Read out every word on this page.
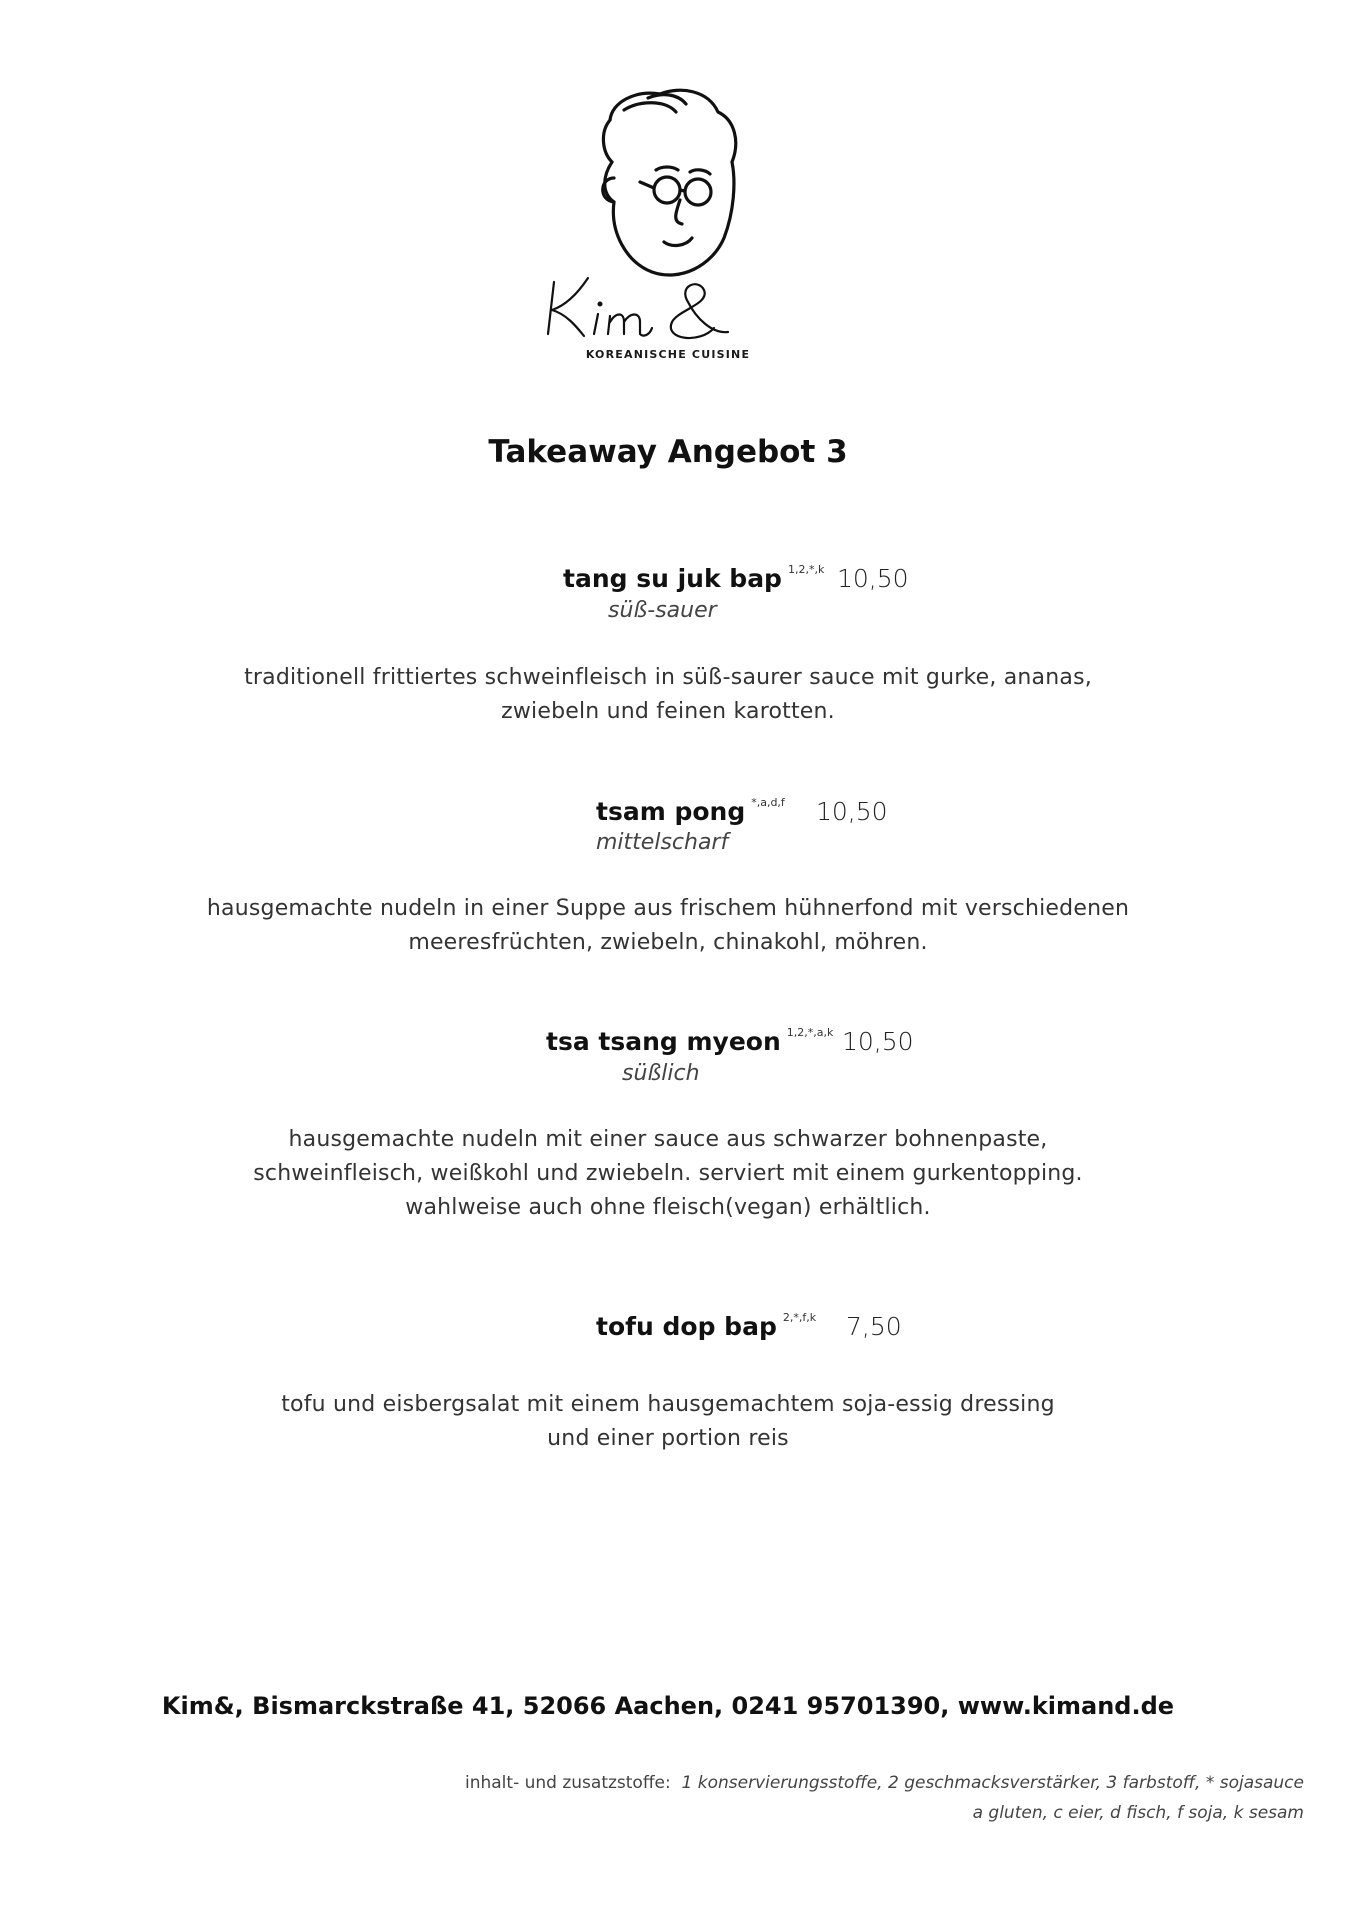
KOREANISCHE CUISINE
Takeaway Angebot 3
tang su juk bap $^{1,2,*,k}$ 10,50
süß-sauer
traditionell frittiertes schweinfleisch in süß-saurer sauce mit gurke, ananas,
zwiebeln und feinen karotten.
tsam pong $^{*,a,d,f}$ 10,50
mittelscharf
hausgemachte nudeln in einer Suppe aus frischem hühnerfond mit verschiedenen
meeresfrüchten, zwiebeln, chinakohl, möhren.
tsa tsang myeon $^{1,2,*,a,k}$ 10,50
süßlich
hausgemachte nudeln mit einer sauce aus schwarzer bohnenpaste,
schweinfleisch, weißkohl und zwiebeln. serviert mit einem gurkentopping.
wahlweise auch ohne fleisch(vegan) erhältlich.
tofu dop bap $^{2,*,f,k}$ 7,50
tofu und eisbergsalat mit einem hausgemachtem soja-essig dressing
und einer portion reis
Kim&, Bismarckstraße 41, 52066 Aachen, 0241 95701390, www.kimand.de
inhalt- und zusatzstoffe: 1 konservierungsstoffe, 2 geschmacksverstärker, 3 farbstoff, * sojasauce
a gluten, c eier, d fisch, f soja, k sesam
